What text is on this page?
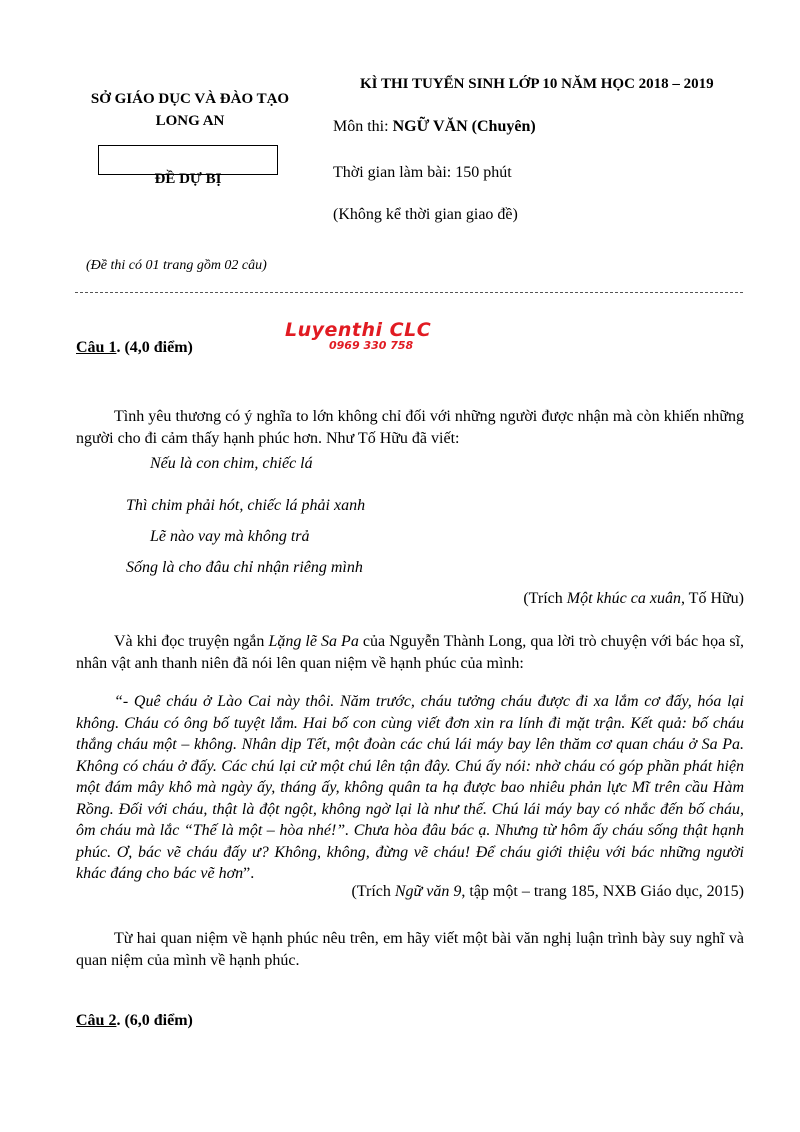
SỞ GIÁO DỤC VÀ ĐÀO TẠO
LONG AN
ĐỀ DỰ BỊ
(Đề thi có 01 trang gồm 02 câu)
KÌ THI TUYỂN SINH LỚP 10 NĂM HỌC 2018 – 2019
Môn thi: NGỮ VĂN (Chuyên)
Thời gian làm bài: 150 phút
(Không kể thời gian giao đề)
Luyenthi CLC
0969 330 758
Câu 1. (4,0 điểm)
Tình yêu thương có ý nghĩa to lớn không chỉ đối với những người được nhận mà còn khiến những người cho đi cảm thấy hạnh phúc hơn. Như Tố Hữu đã viết:
Nếu là con chim, chiếc lá
Thì chim phải hót, chiếc lá phải xanh
Lẽ nào vay mà không trả
Sống là cho đâu chỉ nhận riêng mình
(Trích Một khúc ca xuân, Tố Hữu)
Và khi đọc truyện ngắn Lặng lẽ Sa Pa của Nguyễn Thành Long, qua lời trò chuyện với bác họa sĩ, nhân vật anh thanh niên đã nói lên quan niệm về hạnh phúc của mình:
“- Quê cháu ở Lào Cai này thôi. Năm trước, cháu tưởng cháu được đi xa lắm cơ đấy, hóa lại không. Cháu có ông bố tuyệt lắm. Hai bố con cùng viết đơn xin ra lính đi mặt trận. Kết quả: bố cháu thắng cháu một – không. Nhân dịp Tết, một đoàn các chú lái máy bay lên thăm cơ quan cháu ở Sa Pa. Không có cháu ở đấy. Các chú lại cử một chú lên tận đây. Chú ấy nói: nhờ cháu có góp phần phát hiện một đám mây khô mà ngày ấy, tháng ấy, không quân ta hạ được bao nhiêu phản lực Mĩ trên cầu Hàm Rồng. Đối với cháu, thật là đột ngột, không ngờ lại là như thế. Chú lái máy bay có nhắc đến bố cháu, ôm cháu mà lắc “Thế là một – hòa nhé!”. Chưa hòa đâu bác ạ. Nhưng từ hôm ấy cháu sống thật hạnh phúc. Ơ, bác vẽ cháu đấy ư? Không, không, đừng vẽ cháu! Để cháu giới thiệu với bác những người khác đáng cho bác vẽ hơn”.
(Trích Ngữ văn 9, tập một – trang 185, NXB Giáo dục, 2015)
Từ hai quan niệm về hạnh phúc nêu trên, em hãy viết một bài văn nghị luận trình bày suy nghĩ và quan niệm của mình về hạnh phúc.
Câu 2. (6,0 điểm)
